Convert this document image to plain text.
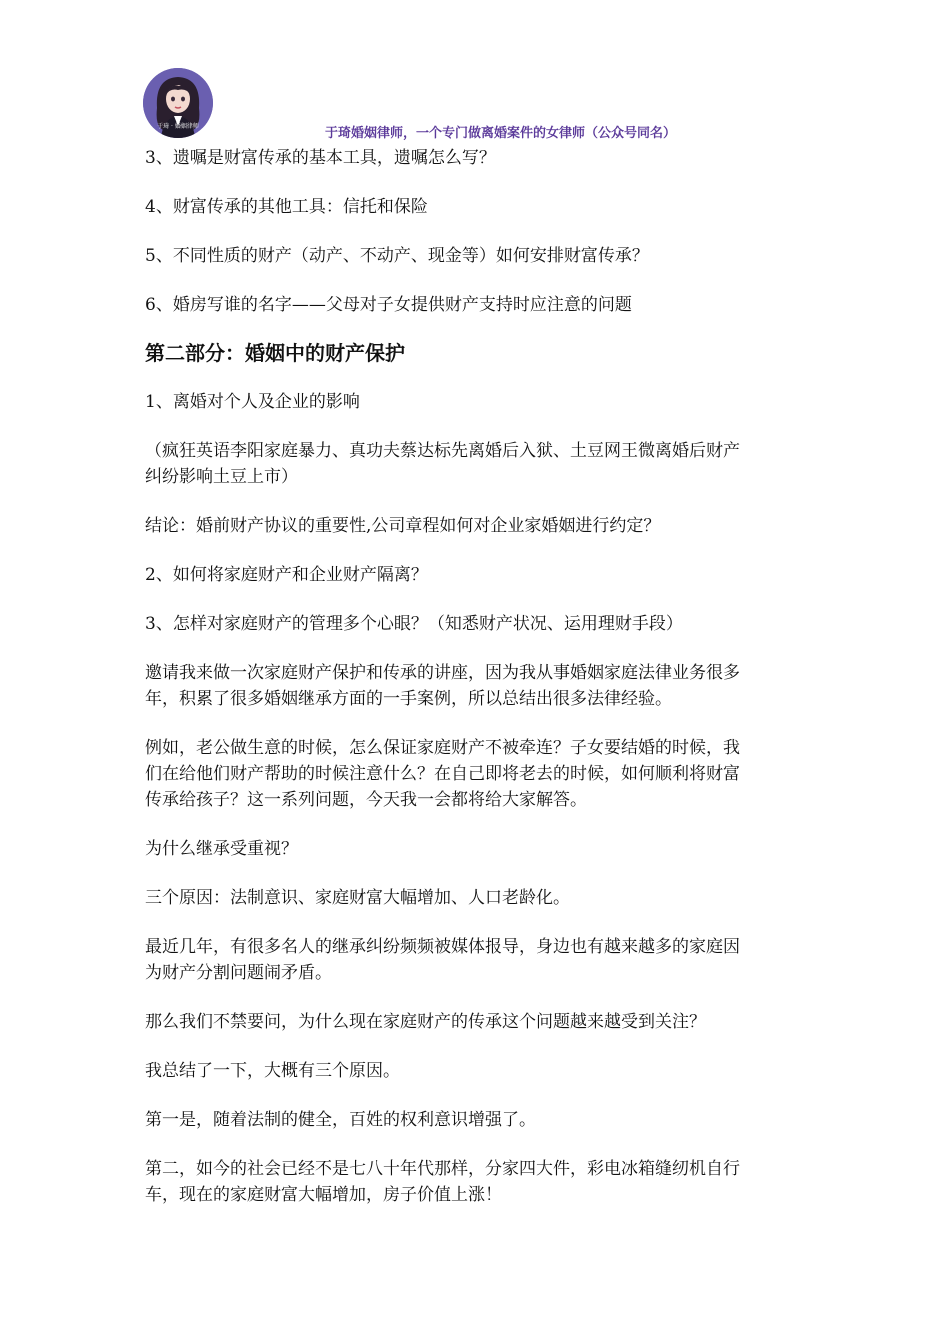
于琦 · 婚姻律师	于琦婚姻律师，一个专门做离婚案件的女律师（公众号同名）

3、遗嘱是财富传承的基本工具，遗嘱怎么写？

4、财富传承的其他工具：信托和保险

5、不同性质的财产（动产、不动产、现金等）如何安排财富传承？

6、婚房写谁的名字——父母对子女提供财产支持时应注意的问题

第二部分：婚姻中的财产保护

1、离婚对个人及企业的影响

（疯狂英语李阳家庭暴力、真功夫蔡达标先离婚后入狱、土豆网王微离婚后财产
纠纷影响土豆上市）

结论：婚前财产协议的重要性,公司章程如何对企业家婚姻进行约定？

2、如何将家庭财产和企业财产隔离？

3、怎样对家庭财产的管理多个心眼？（知悉财产状况、运用理财手段）

邀请我来做一次家庭财产保护和传承的讲座，因为我从事婚姻家庭法律业务很多
年，积累了很多婚姻继承方面的一手案例，所以总结出很多法律经验。

例如，老公做生意的时候，怎么保证家庭财产不被牵连？子女要结婚的时候，我
们在给他们财产帮助的时候注意什么？在自己即将老去的时候，如何顺利将财富
传承给孩子？这一系列问题，今天我一会都将给大家解答。

为什么继承受重视？

三个原因：法制意识、家庭财富大幅增加、人口老龄化。

最近几年，有很多名人的继承纠纷频频被媒体报导，身边也有越来越多的家庭因
为财产分割问题闹矛盾。

那么我们不禁要问，为什么现在家庭财产的传承这个问题越来越受到关注？

我总结了一下，大概有三个原因。

第一是，随着法制的健全，百姓的权利意识增强了。

第二，如今的社会已经不是七八十年代那样，分家四大件，彩电冰箱缝纫机自行
车，现在的家庭财富大幅增加，房子价值上涨！
